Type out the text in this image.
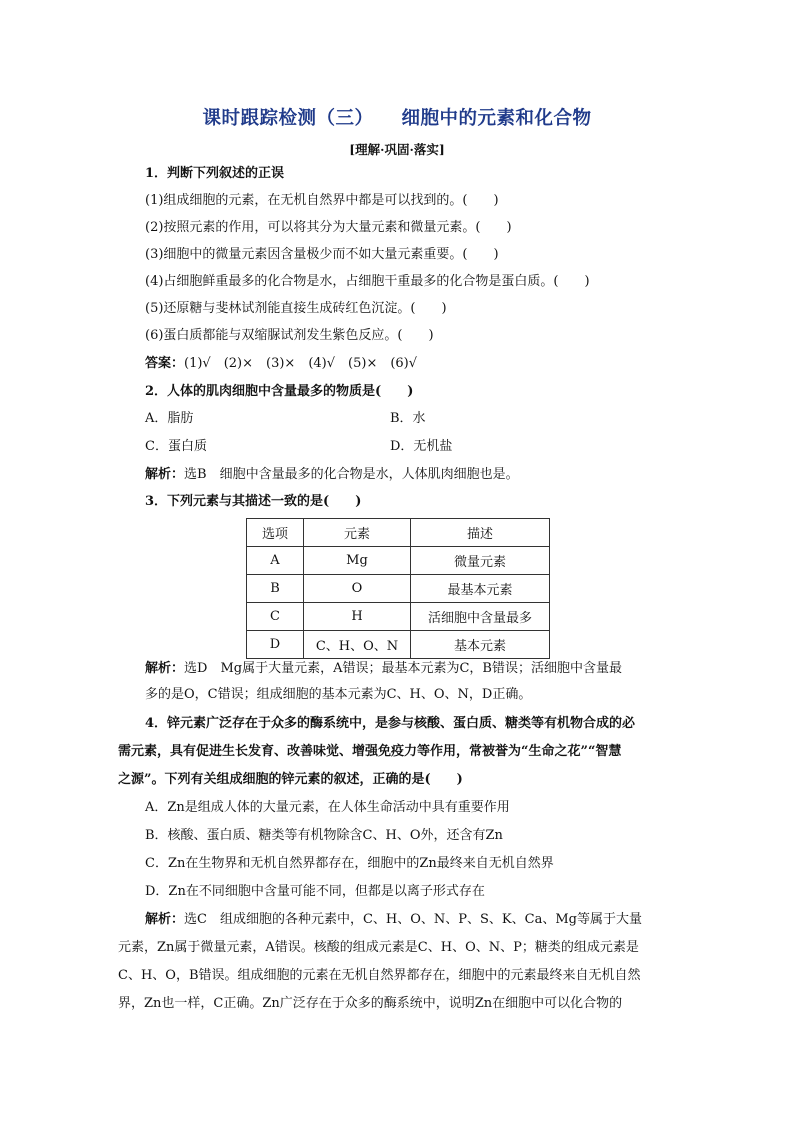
课时跟踪检测（三） 细胞中的元素和化合物
[理解·巩固·落实]
1．判断下列叙述的正误
(1)组成细胞的元素，在无机自然界中都是可以找到的。(　　)
(2)按照元素的作用，可以将其分为大量元素和微量元素。(　　)
(3)细胞中的微量元素因含量极少而不如大量元素重要。(　　)
(4)占细胞鲜重最多的化合物是水，占细胞干重最多的化合物是蛋白质。(　　)
(5)还原糖与斐林试剂能直接生成砖红色沉淀。(　　)
(6)蛋白质都能与双缩脲试剂发生紫色反应。(　　)
答案：(1)√　(2)×　(3)×　(4)√　(5)×　(6)√
2．人体的肌肉细胞中含量最多的物质是(　　)
A．脂肪	B．水
C．蛋白质	D．无机盐
解析：选B　细胞中含量最多的化合物是水，人体肌肉细胞也是。
3．下列元素与其描述一致的是(　　)
选项	元素	描述
A	Mg	微量元素
B	O	最基本元素
C	H	活细胞中含量最多
D	C、H、O、N	基本元素
解析：选D　Mg属于大量元素，A错误；最基本元素为C，B错误；活细胞中含量最
多的是O，C错误；组成细胞的基本元素为C、H、O、N，D正确。
4．锌元素广泛存在于众多的酶系统中，是参与核酸、蛋白质、糖类等有机物合成的必
需元素，具有促进生长发育、改善味觉、增强免疫力等作用，常被誉为“生命之花”“智慧
之源”。下列有关组成细胞的锌元素的叙述，正确的是(　　)
A．Zn是组成人体的大量元素，在人体生命活动中具有重要作用
B．核酸、蛋白质、糖类等有机物除含C、H、O外，还含有Zn
C．Zn在生物界和无机自然界都存在，细胞中的Zn最终来自无机自然界
D．Zn在不同细胞中含量可能不同，但都是以离子形式存在
解析：选C　组成细胞的各种元素中，C、H、O、N、P、S、K、Ca、Mg等属于大量
元素，Zn属于微量元素，A错误。核酸的组成元素是C、H、O、N、P；糖类的组成元素是
C、H、O，B错误。组成细胞的元素在无机自然界都存在，细胞中的元素最终来自无机自然
界，Zn也一样，C正确。Zn广泛存在于众多的酶系统中，说明Zn在细胞中可以化合物的
